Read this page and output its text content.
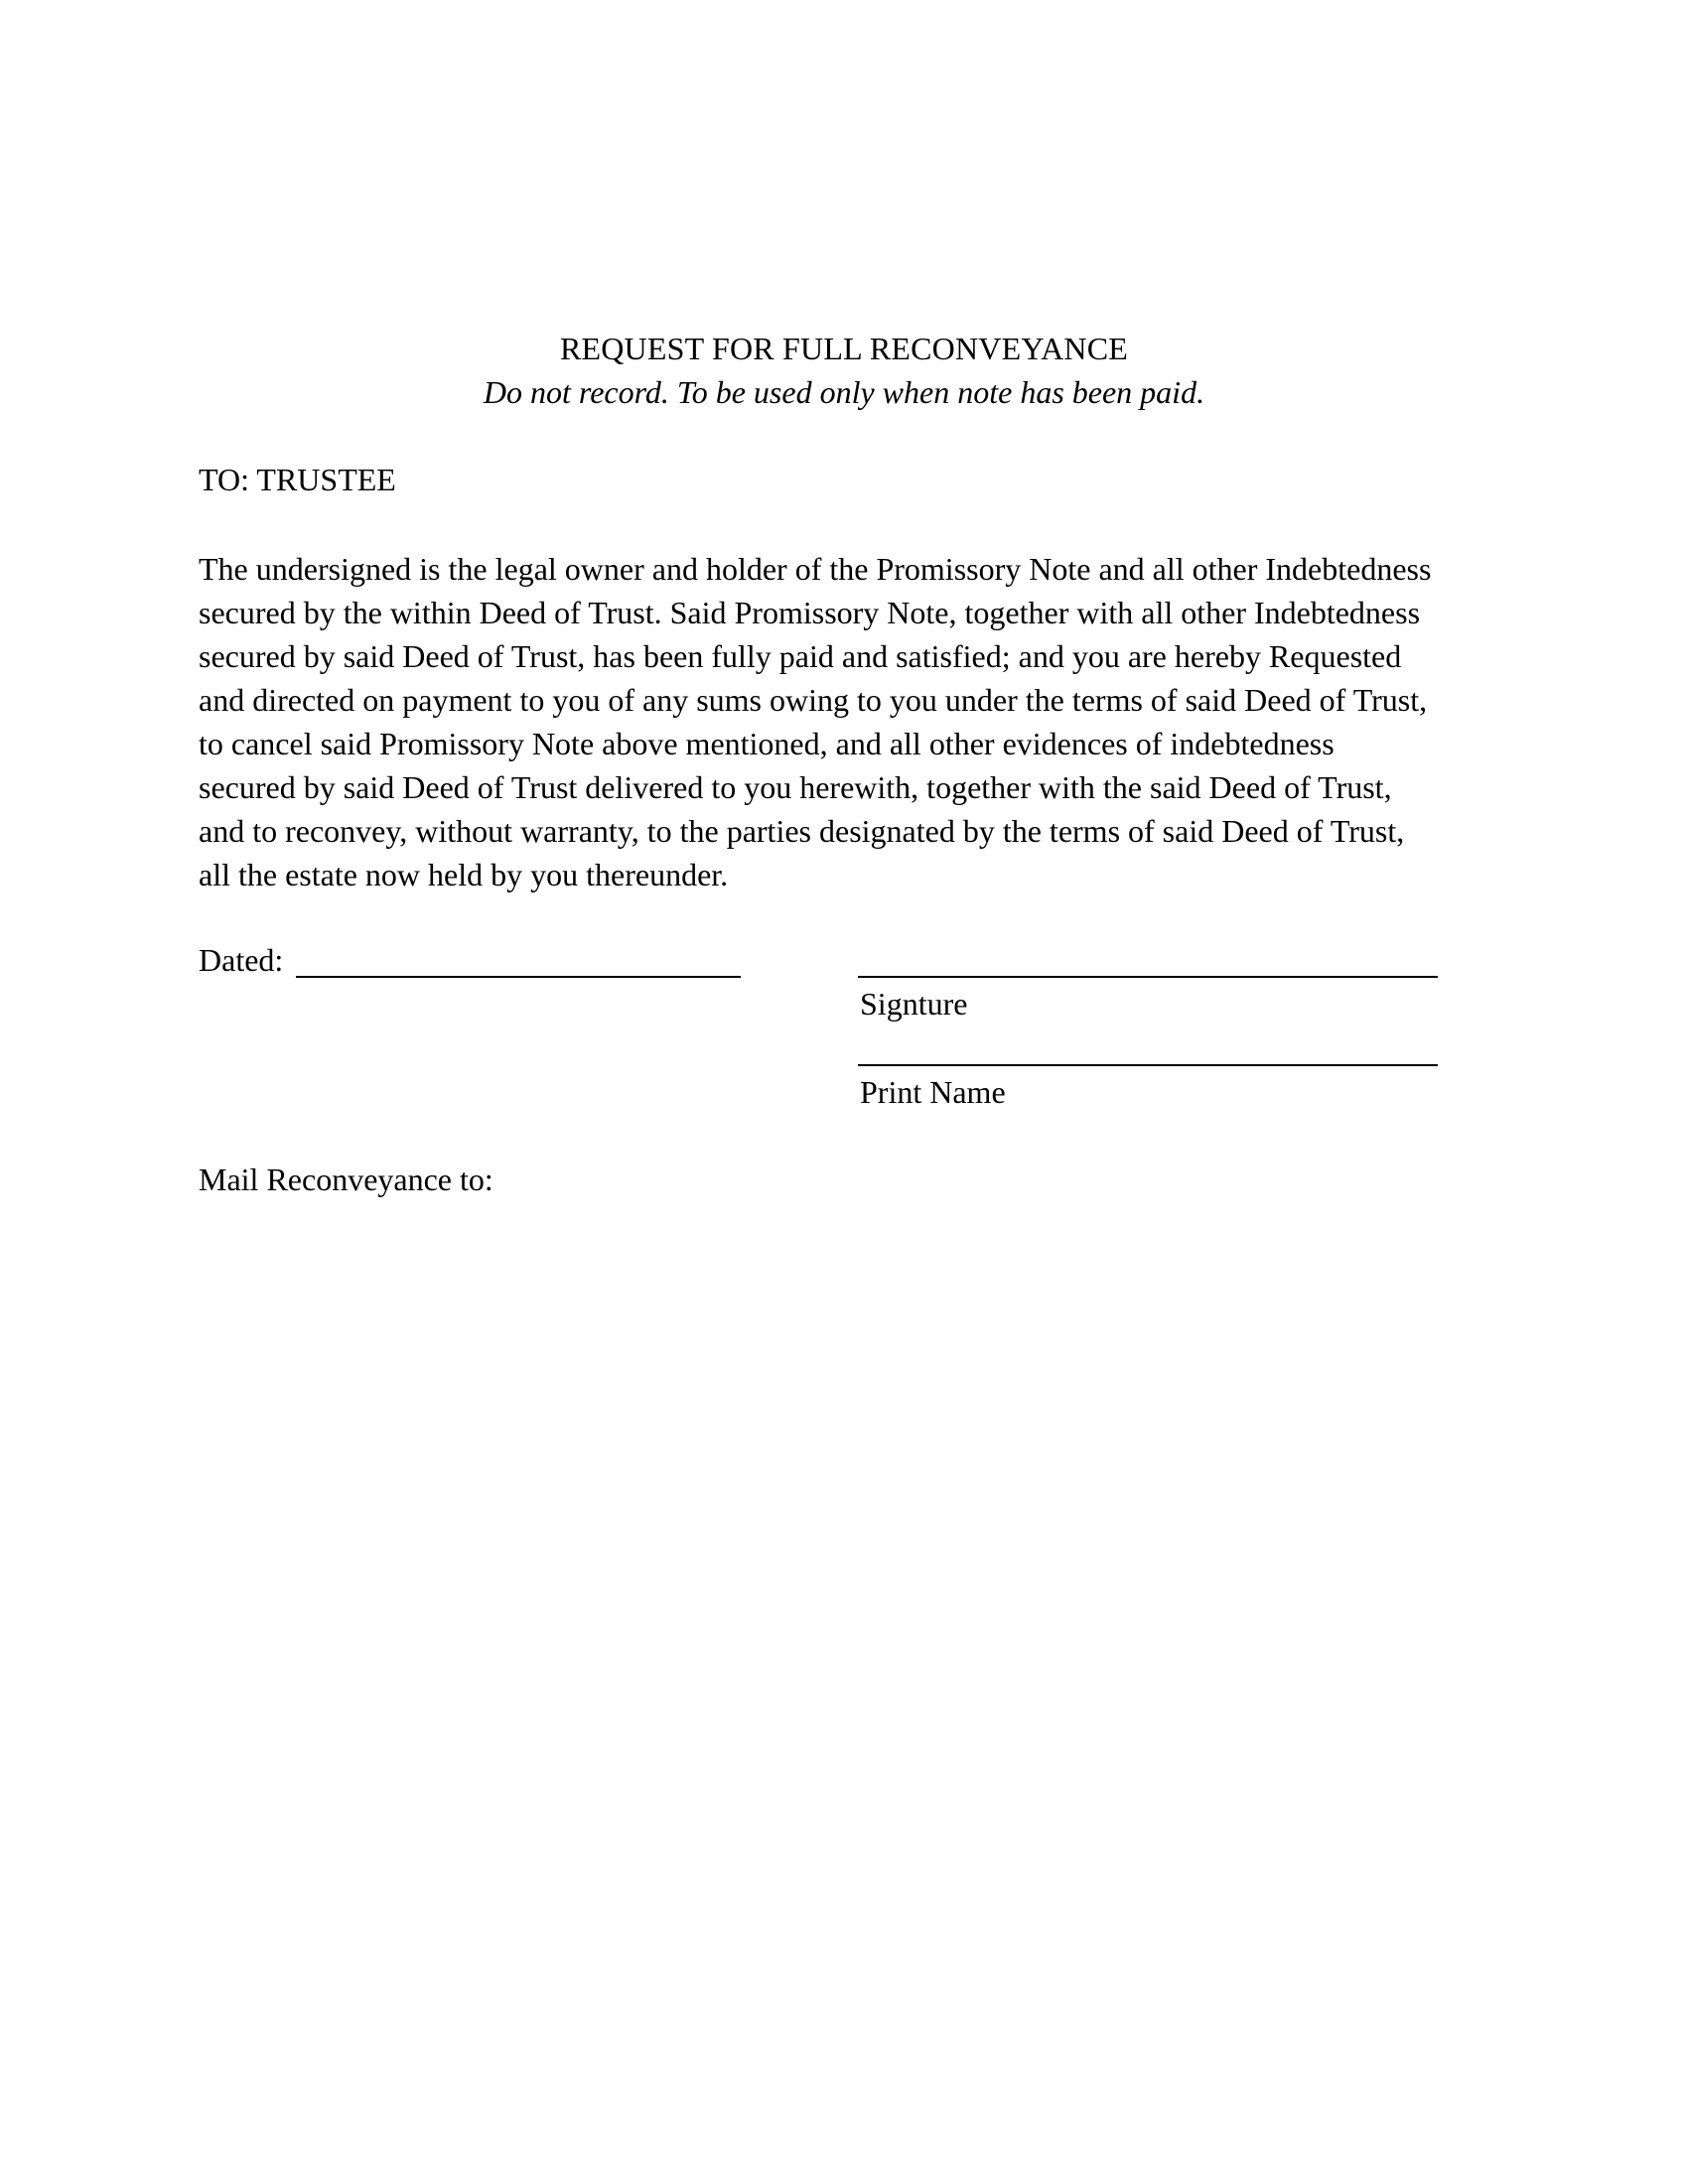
REQUEST FOR FULL RECONVEYANCE
Do not record. To be used only when note has been paid.
TO: TRUSTEE
The undersigned is the legal owner and holder of the Promissory Note and all other Indebtedness
secured by the within Deed of Trust. Said Promissory Note, together with all other Indebtedness
secured by said Deed of Trust, has been fully paid and satisfied; and you are hereby Requested
and directed on payment to you of any sums owing to you under the terms of said Deed of Trust,
to cancel said Promissory Note above mentioned, and all other evidences of indebtedness
secured by said Deed of Trust delivered to you herewith, together with the said Deed of Trust,
and to reconvey, without warranty, to the parties designated by the terms of said Deed of Trust,
all the estate now held by you thereunder.
Dated:
Signture
Print Name
Mail Reconveyance to:
